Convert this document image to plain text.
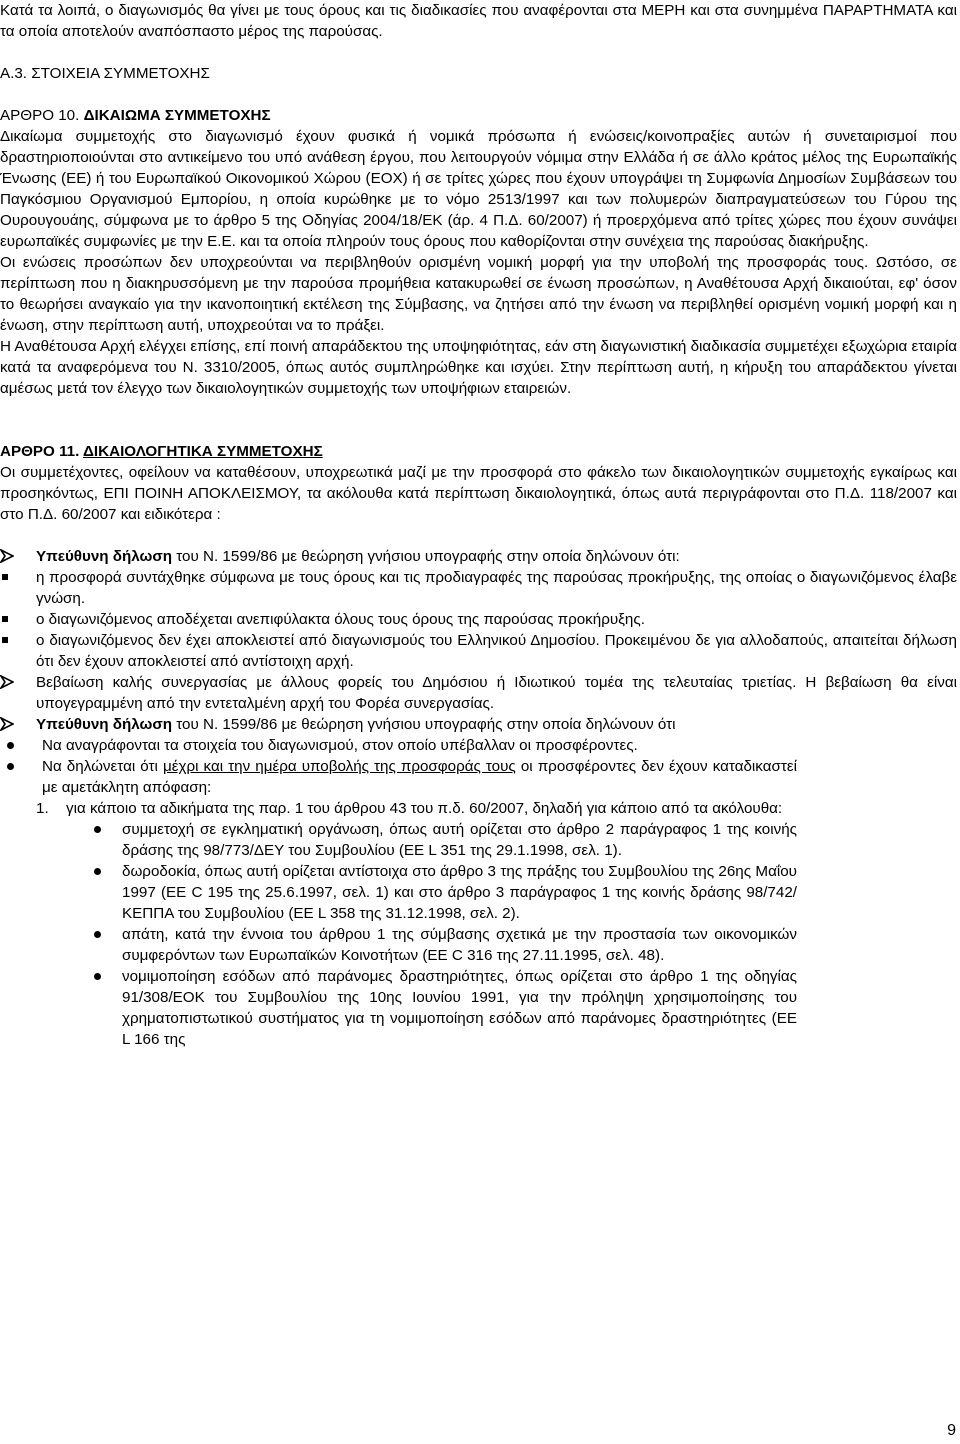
Κατά τα λοιπά, ο διαγωνισμός θα γίνει με τους όρους και τις διαδικασίες που αναφέρονται στα ΜΕΡΗ και στα συνημμένα ΠΑΡΑΡΤΗΜΑΤΑ και τα οποία αποτελούν αναπόσπαστο μέρος της παρούσας.

Α.3. ΣΤΟΙΧΕΙΑ ΣΥΜΜΕΤΟΧΗΣ

ΑΡΘΡΟ 10. ΔΙΚΑΙΩΜΑ ΣΥΜΜΕΤΟΧΗΣ

Δικαίωμα συμμετοχής στο διαγωνισμό έχουν φυσικά ή νομικά πρόσωπα ή ενώσεις/κοινοπραξίες αυτών ή συνεταιρισμοί που δραστηριοποιούνται στο αντικείμενο του υπό ανάθεση έργου, που λειτουργούν νόμιμα στην Ελλάδα ή σε άλλο κράτος μέλος της Ευρωπαϊκής Ένωσης (ΕΕ) ή του Ευρωπαϊκού Οικονομικού Χώρου (ΕΟΧ) ή σε τρίτες χώρες που έχουν υπογράψει τη Συμφωνία Δημοσίων Συμβάσεων του Παγκόσμιου Οργανισμού Εμπορίου, η οποία κυρώθηκε με το νόμο 2513/1997 και των πολυμερών διαπραγματεύσεων του Γύρου της Ουρουγουάης, σύμφωνα με το άρθρο 5 της Οδηγίας 2004/18/ΕΚ (άρ. 4 Π.Δ. 60/2007) ή προερχόμενα από τρίτες χώρες που έχουν συνάψει ευρωπαϊκές συμφωνίες με την Ε.Ε. και τα οποία πληρούν τους όρους που καθορίζονται στην συνέχεια της παρούσας διακήρυξης.

Οι ενώσεις προσώπων δεν υποχρεούνται να περιβληθούν ορισμένη νομική μορφή για την υποβολή της προσφοράς τους. Ωστόσο, σε περίπτωση που η διακηρυσσόμενη με την παρούσα προμήθεια κατακυρωθεί σε ένωση προσώπων, η Αναθέτουσα Αρχή δικαιούται, εφ' όσον το θεωρήσει αναγκαίο για την ικανοποιητική εκτέλεση της Σύμβασης, να ζητήσει από την ένωση να περιβληθεί ορισμένη νομική μορφή και η ένωση, στην περίπτωση αυτή, υποχρεούται να το πράξει.

Η Αναθέτουσα Αρχή ελέγχει επίσης, επί ποινή απαράδεκτου της υποψηφιότητας, εάν στη διαγωνιστική διαδικασία συμμετέχει εξωχώρια εταιρία κατά τα αναφερόμενα του Ν. 3310/2005, όπως αυτός συμπληρώθηκε και ισχύει. Στην περίπτωση αυτή, η κήρυξη του απαράδεκτου γίνεται αμέσως μετά τον έλεγχο των δικαιολογητικών συμμετοχής των υποψήφιων εταιρειών.

ΑΡΘΡΟ 11. ΔΙΚΑΙΟΛΟΓΗΤΙΚΑ ΣΥΜΜΕΤΟΧΗΣ

Οι συμμετέχοντες, οφείλουν να καταθέσουν, υποχρεωτικά μαζί με την προσφορά στο φάκελο των δικαιολογητικών συμμετοχής εγκαίρως και προσηκόντως, ΕΠΙ ΠΟΙΝΗ ΑΠΟΚΛΕΙΣΜΟΥ, τα ακόλουθα κατά περίπτωση δικαιολογητικά, όπως αυτά περιγράφονται στο Π.Δ. 118/2007 και στο Π.Δ. 60/2007 και ειδικότερα :

Υπεύθυνη δήλωση του Ν. 1599/86 με θεώρηση γνήσιου υπογραφής στην οποία δηλώνουν ότι:
η προσφορά συντάχθηκε σύμφωνα με τους όρους και τις προδιαγραφές της παρούσας προκήρυξης, της οποίας ο διαγωνιζόμενος έλαβε γνώση.
ο διαγωνιζόμενος αποδέχεται ανεπιφύλακτα όλους τους όρους της παρούσας προκήρυξης.
ο διαγωνιζόμενος δεν έχει αποκλειστεί από διαγωνισμούς του Ελληνικού Δημοσίου. Προκειμένου δε για αλλοδαπούς, απαιτείται δήλωση ότι δεν έχουν αποκλειστεί από αντίστοιχη αρχή.
Βεβαίωση καλής συνεργασίας με άλλους φορείς του Δημόσιου ή Ιδιωτικού τομέα της τελευταίας τριετίας. Η βεβαίωση θα είναι υπογεγραμμένη από την εντεταλμένη αρχή του Φορέα συνεργασίας.
Υπεύθυνη δήλωση του Ν. 1599/86 με θεώρηση γνήσιου υπογραφής στην οποία δηλώνουν ότι
Να αναγράφονται τα στοιχεία του διαγωνισμού, στον οποίο υπέβαλλαν οι προσφέροντες.
Να δηλώνεται ότι μέχρι και την ημέρα υποβολής της προσφοράς τους οι προσφέροντες δεν έχουν καταδικαστεί με αμετάκλητη απόφαση:
1. για κάποιο τα αδικήματα της παρ. 1 του άρθρου 43 του π.δ. 60/2007, δηλαδή για κάποιο από τα ακόλουθα:
συμμετοχή σε εγκληματική οργάνωση, όπως αυτή ορίζεται στο άρθρο 2 παράγραφος 1 της κοινής δράσης της 98/773/ΔΕΥ του Συμβουλίου (ΕΕ L 351 της 29.1.1998, σελ. 1).
δωροδοκία, όπως αυτή ορίζεται αντίστοιχα στο άρθρο 3 της πράξης του Συμβουλίου της 26ης Μαΐου 1997 (ΕΕ C 195 της 25.6.1997, σελ. 1) και στο άρθρο 3 παράγραφος 1 της κοινής δράσης 98/742/ΚΕΠΠΑ του Συμβουλίου (ΕΕ L 358 της 31.12.1998, σελ. 2).
απάτη, κατά την έννοια του άρθρου 1 της σύμβασης σχετικά με την προστασία των οικονομικών συμφερόντων των Ευρωπαϊκών Κοινοτήτων (ΕΕ C 316 της 27.11.1995, σελ. 48).
νομιμοποίηση εσόδων από παράνομες δραστηριότητες, όπως ορίζεται στο άρθρο 1 της οδηγίας 91/308/ΕΟΚ του Συμβουλίου της 10ης Ιουνίου 1991, για την πρόληψη χρησιμοποίησης του χρηματοπιστωτικού συστήματος για τη νομιμοποίηση εσόδων από παράνομες δραστηριότητες (ΕΕ L 166 της
9
